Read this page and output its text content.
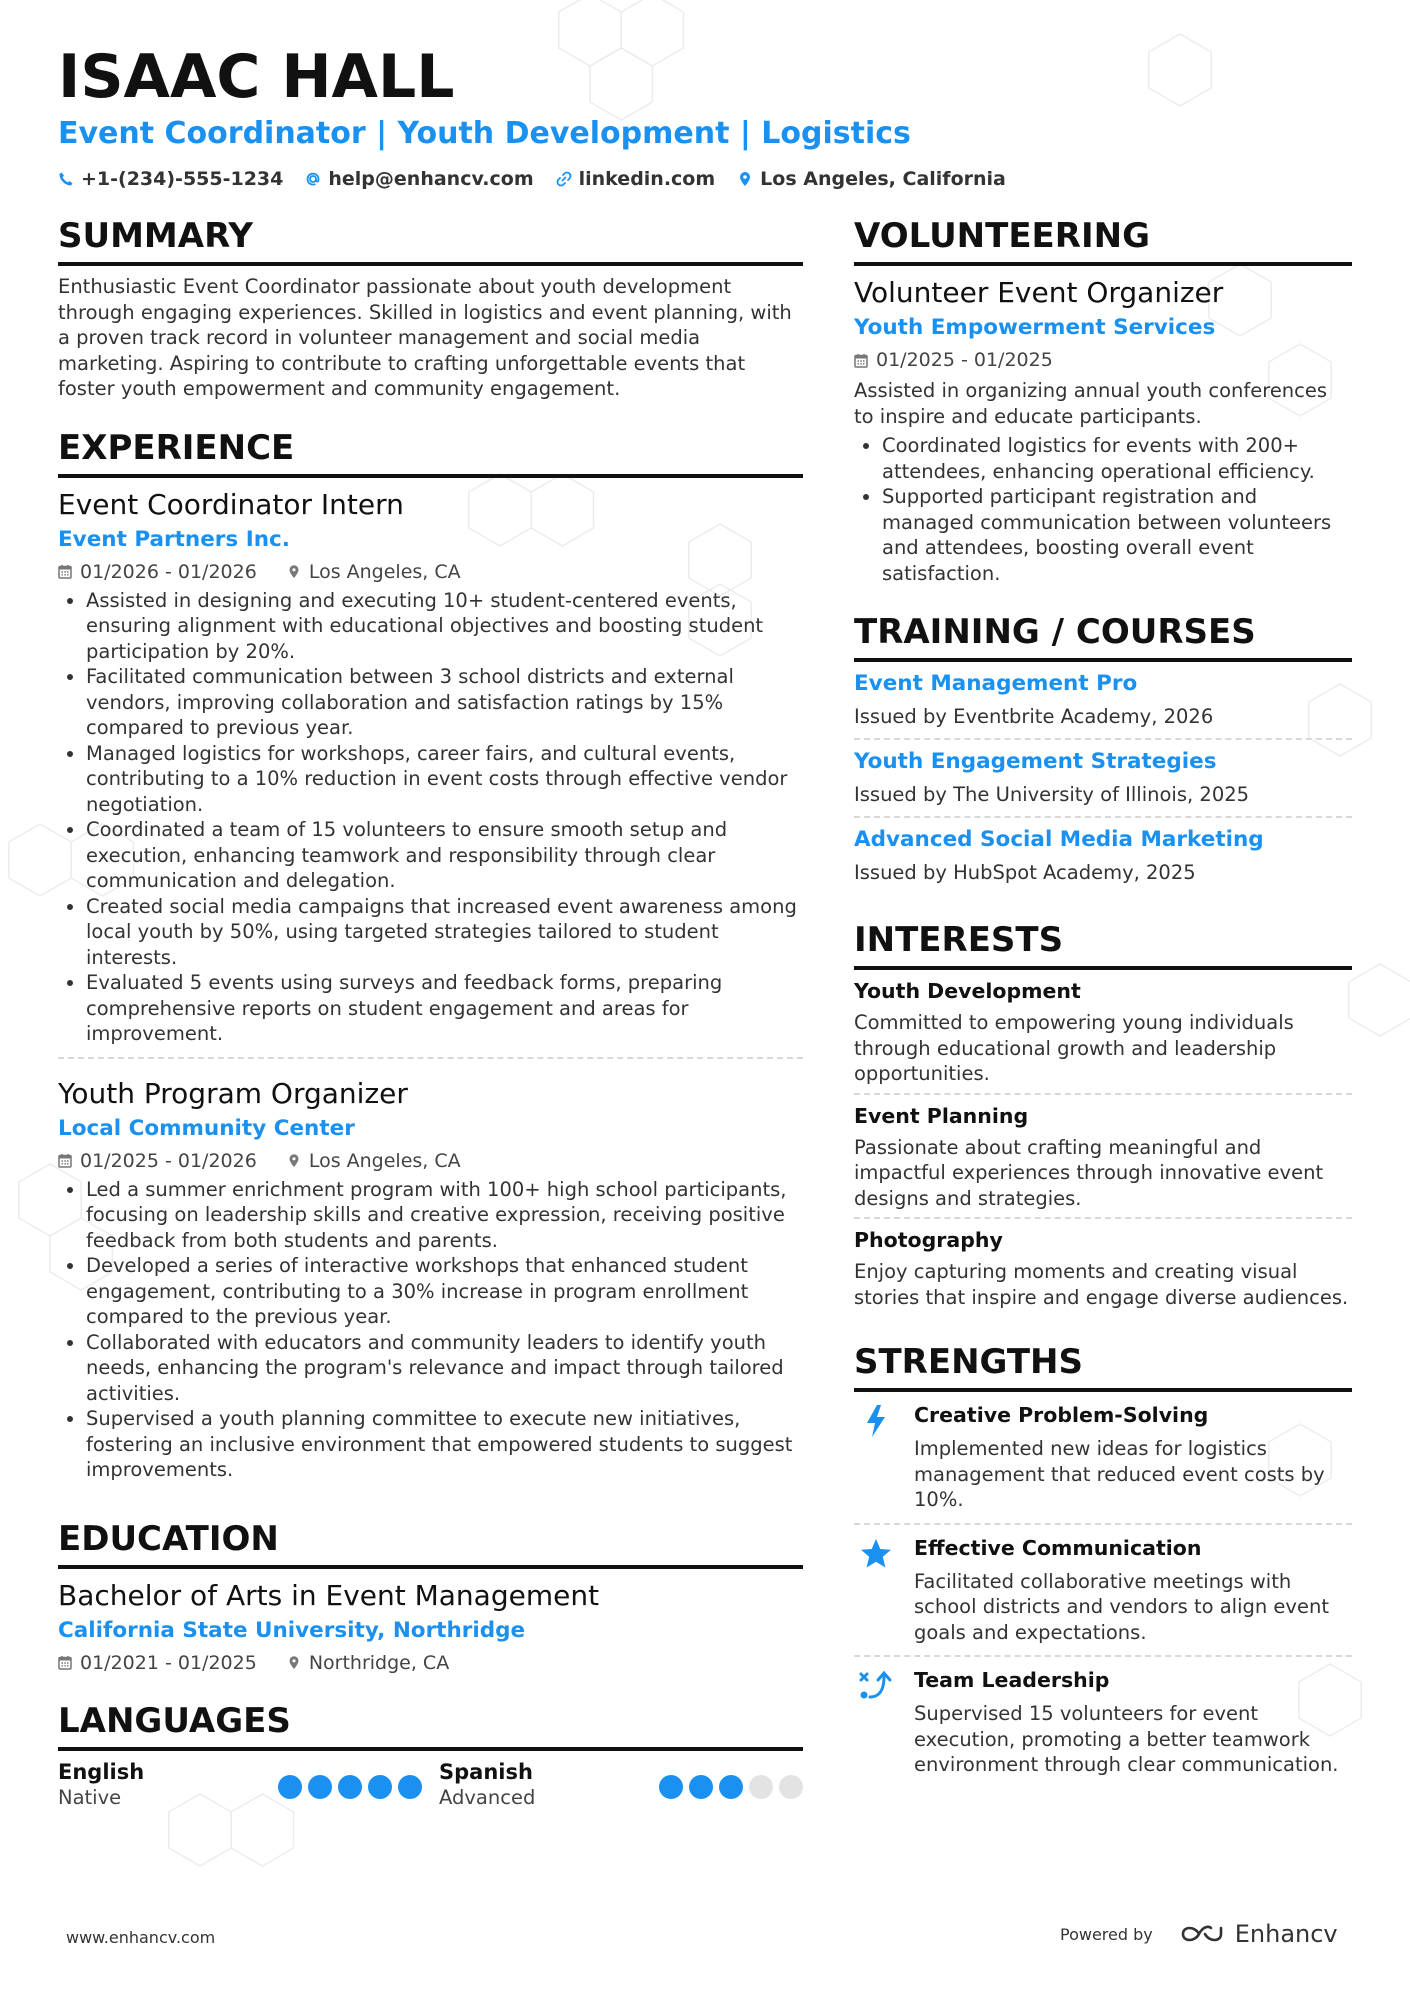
ISAAC HALL
Event Coordinator | Youth Development | Logistics
+1-(234)-555-1234 help@enhancv.com linkedin.com Los Angeles, California
SUMMARY

Enthusiastic Event Coordinator passionate about youth development through engaging experiences. Skilled in logistics and event planning, with a proven track record in volunteer management and social media marketing. Aspiring to contribute to crafting unforgettable events that foster youth empowerment and community engagement.

EXPERIENCE
Event Coordinator Intern
Event Partners Inc.
01/2026 - 01/2026	Los Angeles, CA
• Assisted in designing and executing 10+ student-centered events, ensuring alignment with educational objectives and boosting student participation by 20%.
• Facilitated communication between 3 school districts and external vendors, improving collaboration and satisfaction ratings by 15% compared to previous year.
• Managed logistics for workshops, career fairs, and cultural events, contributing to a 10% reduction in event costs through effective vendor negotiation.
• Coordinated a team of 15 volunteers to ensure smooth setup and execution, enhancing teamwork and responsibility through clear communication and delegation.
• Created social media campaigns that increased event awareness among local youth by 50%, using targeted strategies tailored to student interests.
• Evaluated 5 events using surveys and feedback forms, preparing comprehensive reports on student engagement and areas for improvement.
Youth Program Organizer
Local Community Center
01/2025 - 01/2026	Los Angeles, CA
• Led a summer enrichment program with 100+ high school participants, focusing on leadership skills and creative expression, receiving positive feedback from both students and parents.
• Developed a series of interactive workshops that enhanced student engagement, contributing to a 30% increase in program enrollment compared to the previous year.
• Collaborated with educators and community leaders to identify youth needs, enhancing the program's relevance and impact through tailored activities.
• Supervised a youth planning committee to execute new initiatives, fostering an inclusive environment that empowered students to suggest improvements.
EDUCATION
Bachelor of Arts in Event Management
California State University, Northridge
01/2021 - 01/2025	Northridge, CA
LANGUAGES
English
Native
Spanish
Advanced
VOLUNTEERING
Volunteer Event Organizer
Youth Empowerment Services
01/2025 - 01/2025

Assisted in organizing annual youth conferences to inspire and educate participants.

• Coordinated logistics for events with 200+ attendees, enhancing operational efficiency.
• Supported participant registration and managed communication between volunteers and attendees, boosting overall event satisfaction.
TRAINING / COURSES
Event Management Pro
Issued by Eventbrite Academy, 2026
Youth Engagement Strategies
Issued by The University of Illinois, 2025
Advanced Social Media Marketing
Issued by HubSpot Academy, 2025
INTERESTS
Youth Development

Committed to empowering young individuals through educational growth and leadership opportunities.

Event Planning

Passionate about crafting meaningful and impactful experiences through innovative event designs and strategies.

Photography

Enjoy capturing moments and creating visual stories that inspire and engage diverse audiences.

STRENGTHS
Creative Problem-Solving

Implemented new ideas for logistics management that reduced event costs by 10%.

Effective Communication

Facilitated collaborative meetings with school districts and vendors to align event goals and expectations.

Team Leadership

Supervised 15 volunteers for event execution, promoting a better teamwork environment through clear communication.

www.enhancv.com	Powered by	Enhancv
